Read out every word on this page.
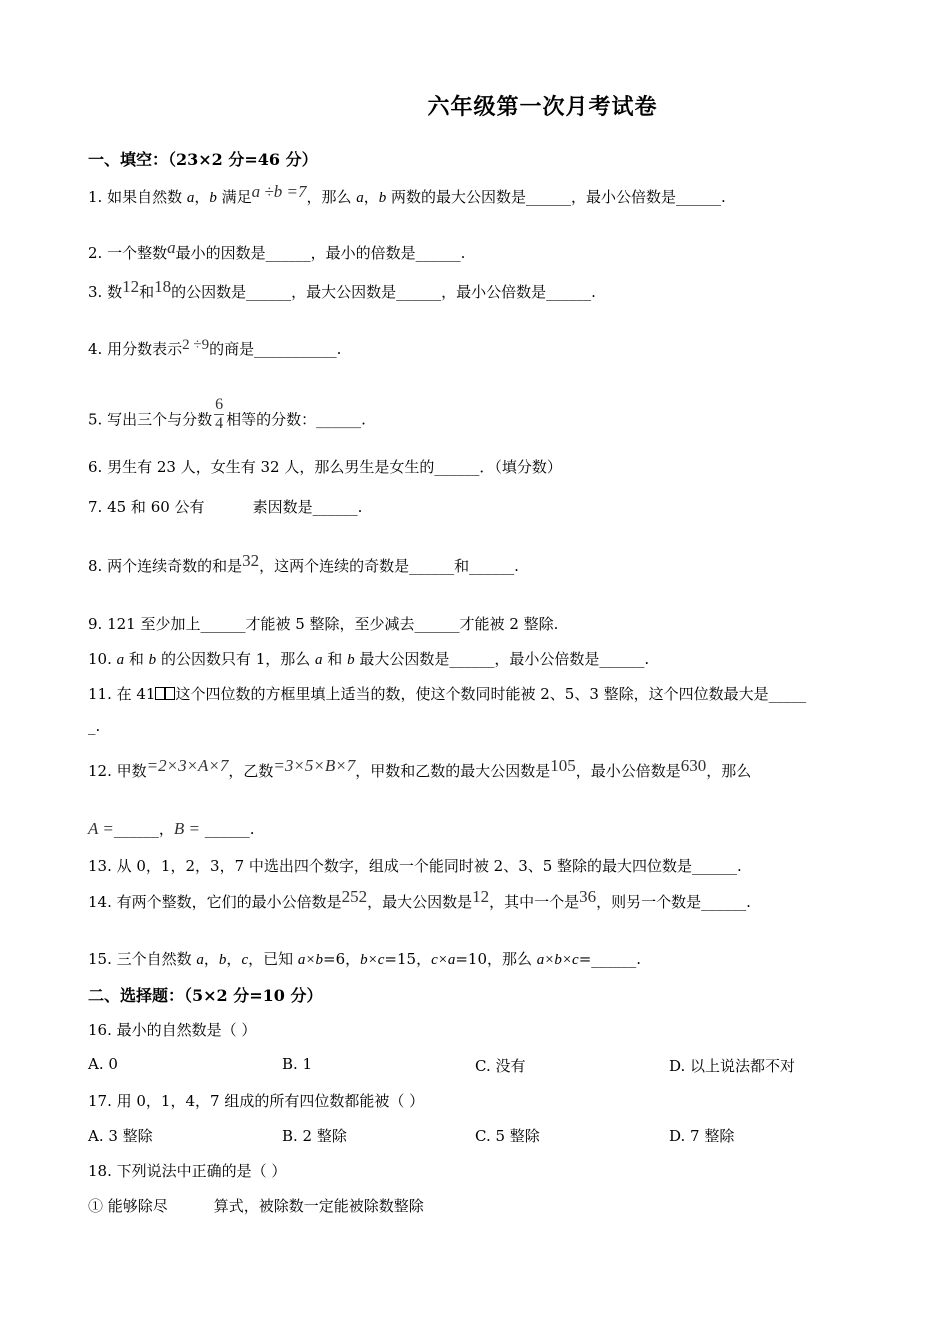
六年级第一次月考试卷
一、填空：（23×2 分=46 分）
1. 如果自然数 a，b 满足a ÷b =7，那么 a，b 两数的最大公因数是______，最小公倍数是______.
2. 一个整数a最小的因数是______，最小的倍数是______.
3. 数12和18的公因数是______，最大公因数是______，最小公倍数是______.
4. 用分数表示2 ÷9的商是___________.
5. 写出三个与分数 $\frac{6}{4}$ 相等的分数：______.
6. 男生有 23 人，女生有 32 人，那么男生是女生的______．（填分数）
7. 45 和 60 公有	素因数是______.
8. 两个连续奇数的和是32，这两个连续的奇数是______和______.
9. 121 至少加上______才能被 5 整除，至少减去______才能被 2 整除.
10. a 和 b 的公因数只有 1，那么 a 和 b 最大公因数是______，最小公倍数是______.
11. 在 41 这个四位数的方框里填上适当的数，使这个数同时能被 2、5、3 整除，这个四位数最大是_____
_.
12. 甲数=2×3×A×7，乙数=3×5×B×7，甲数和乙数的最大公因数是105，最小公倍数是630，那么
A =______，B = ______.
13. 从 0，1，2，3，7 中选出四个数字，组成一个能同时被 2、3、5 整除的最大四位数是______.
14. 有两个整数，它们的最小公倍数是252，最大公因数是12，其中一个是36，则另一个数是______.
15. 三个自然数 a，b，c，已知 a×b=6，b×c=15，c×a=10，那么 a×b×c=______.
二、选择题：（5×2 分=10 分）
16. 最小的自然数是（ ）
A. 0	B. 1	C. 没有	D. 以上说法都不对
17. 用 0，1，4，7 组成的所有四位数都能被（ ）
A. 3 整除	B. 2 整除	C. 5 整除	D. 7 整除
18. 下列说法中正确的是（ ）
① 能够除尽	算式，被除数一定能被除数整除
